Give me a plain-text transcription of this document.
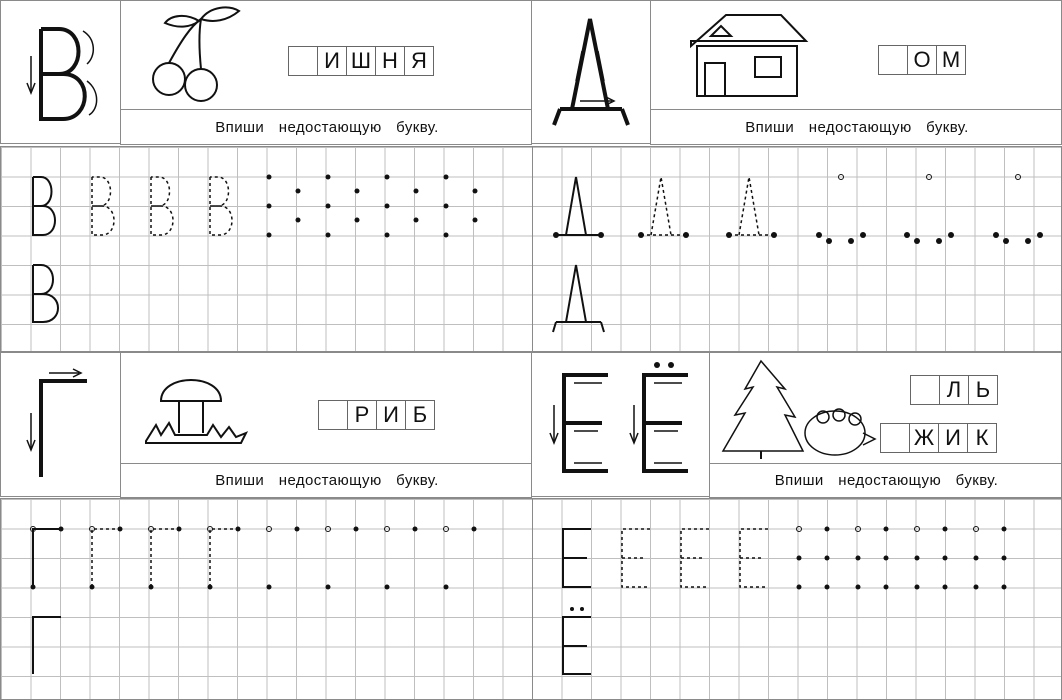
И Ш Н Я
Впиши недостающую букву.
О М
Впиши недостающую букву.
Р И Б
Впиши недостающую букву.
Л Ь
Ж И К
Впиши недостающую букву.
